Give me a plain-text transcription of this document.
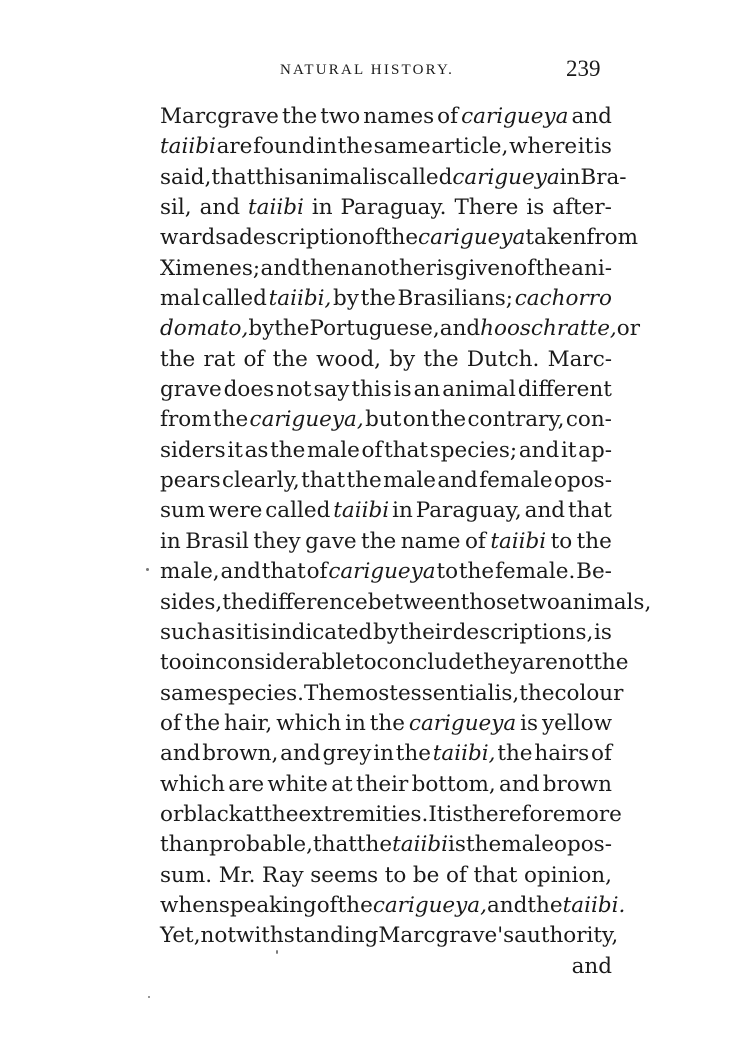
NATURAL HISTORY.	239
Marcgrave the two names of carigueya and
taiibi are found in the same article, where it is
said, that this animal is called carigueya in Bra-
sil, and taiibi in Paraguay. There is after-
wards a description of the carigueya taken from
Ximenes; and then another is given of the ani-
mal called taiibi, by the Brasilians; cachorro
domato, by the Portuguese, and hooschratte, or
the rat of the wood, by the Dutch. Marc-
grave does not say this is an animal different
from the carigueya, but on the contrary, con-
siders it as the male of that species; and it ap-
pears clearly, that the male and female opos-
sum were called taiibi in Paraguay, and that
in Brasil they gave the name of taiibi to the
male, and that of carigueya to the female. Be-
sides, the difference between those two animals,
such as it is indicated by their descriptions, is
too inconsiderable to conclude they are not the
same species. The most essential is, the colour
of the hair, which in the carigueya is yellow
and brown, and grey in the taiibi, the hairs of
which are white at their bottom, and brown
or black at the extremities. It is therefore more
than probable, that the taiibi is the male opos-
sum. Mr. Ray seems to be of that opinion,
when speaking of the carigueya, and the taiibi.
Yet, notwithstanding Marcgrave's authority,
and
